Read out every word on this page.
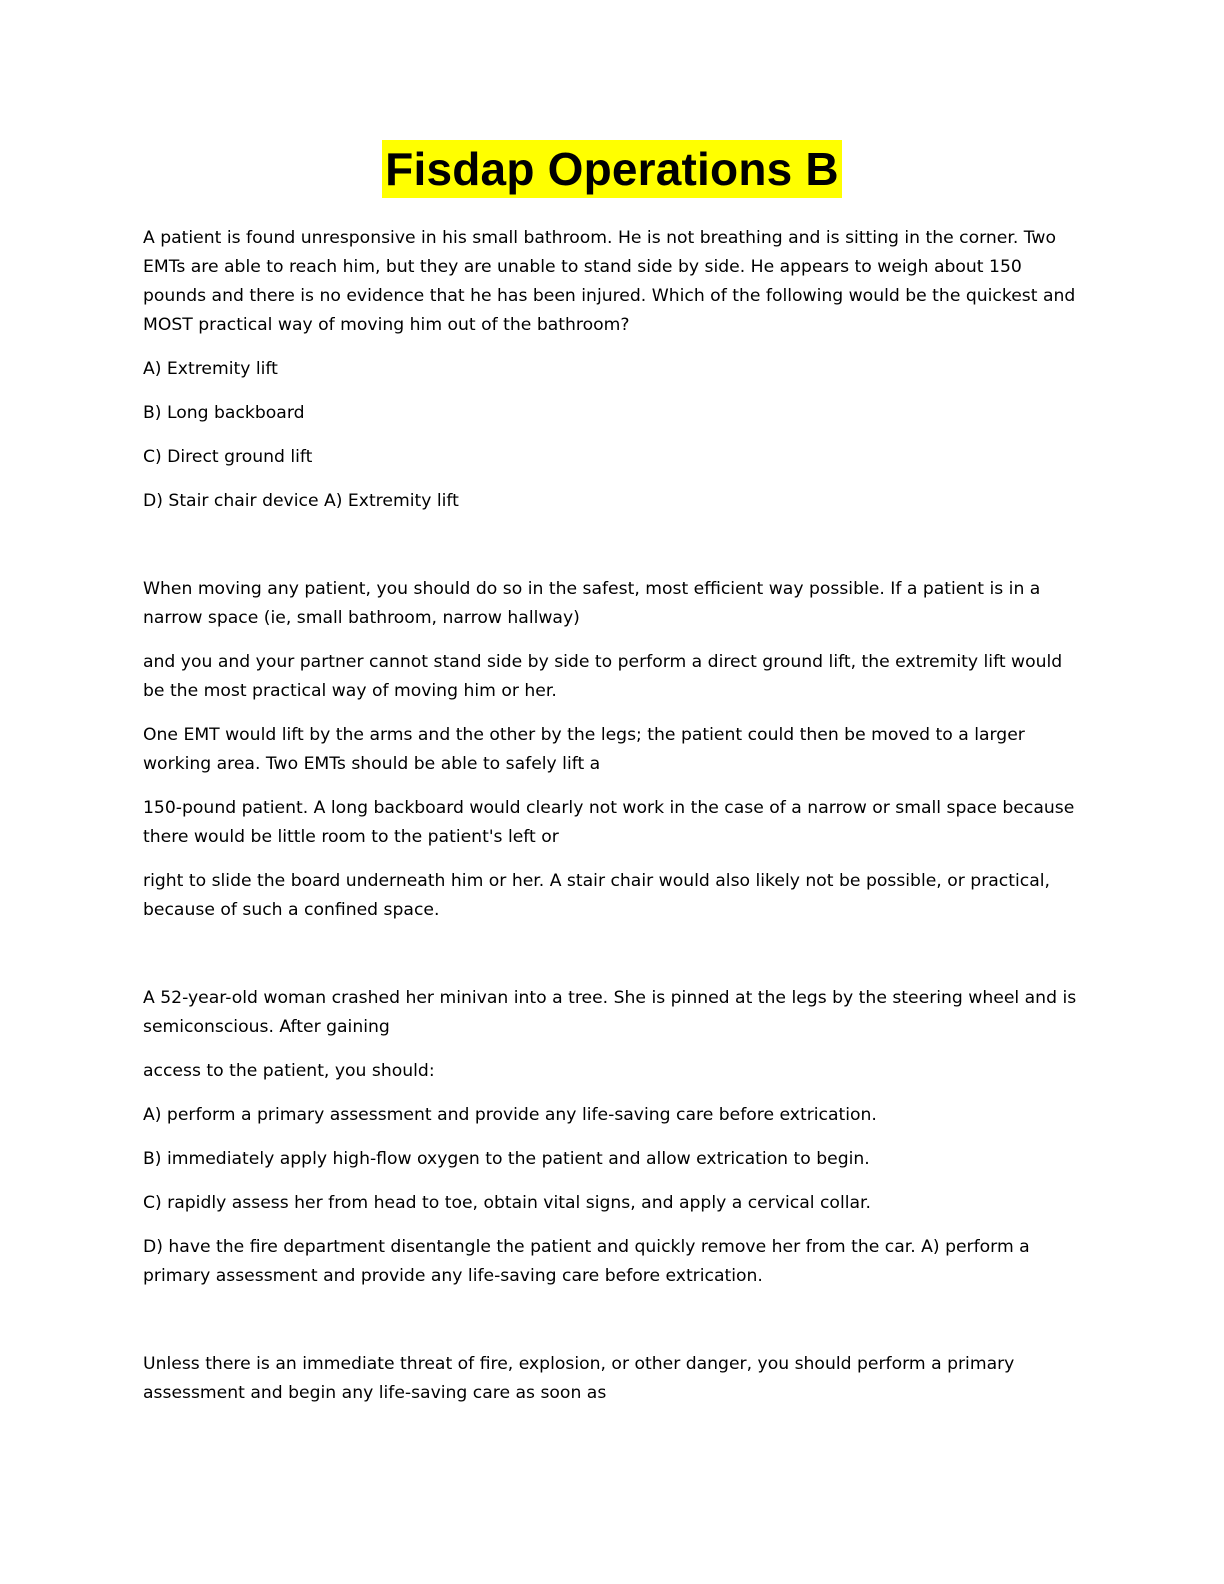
Fisdap Operations B

A patient is found unresponsive in his small bathroom. He is not breathing and is sitting in the corner. Two EMTs are able to reach him, but they are unable to stand side by side. He appears to weigh about 150 pounds and there is no evidence that he has been injured. Which of the following would be the quickest and MOST practical way of moving him out of the bathroom?

A) Extremity lift

B) Long backboard

C) Direct ground lift

D) Stair chair device A) Extremity lift

When moving any patient, you should do so in the safest, most efficient way possible. If a patient is in a narrow space (ie, small bathroom, narrow hallway)

and you and your partner cannot stand side by side to perform a direct ground lift, the extremity lift would be the most practical way of moving him or her.

One EMT would lift by the arms and the other by the legs; the patient could then be moved to a larger working area. Two EMTs should be able to safely lift a

150-pound patient. A long backboard would clearly not work in the case of a narrow or small space because there would be little room to the patient's left or

right to slide the board underneath him or her. A stair chair would also likely not be possible, or practical, because of such a confined space.

A 52-year-old woman crashed her minivan into a tree. She is pinned at the legs by the steering wheel and is semiconscious. After gaining

access to the patient, you should:

A) perform a primary assessment and provide any life-saving care before extrication.

B) immediately apply high-flow oxygen to the patient and allow extrication to begin.

C) rapidly assess her from head to toe, obtain vital signs, and apply a cervical collar.

D) have the fire department disentangle the patient and quickly remove her from the car. A) perform a primary assessment and provide any life-saving care before extrication.

Unless there is an immediate threat of fire, explosion, or other danger, you should perform a primary assessment and begin any life-saving care as soon as
